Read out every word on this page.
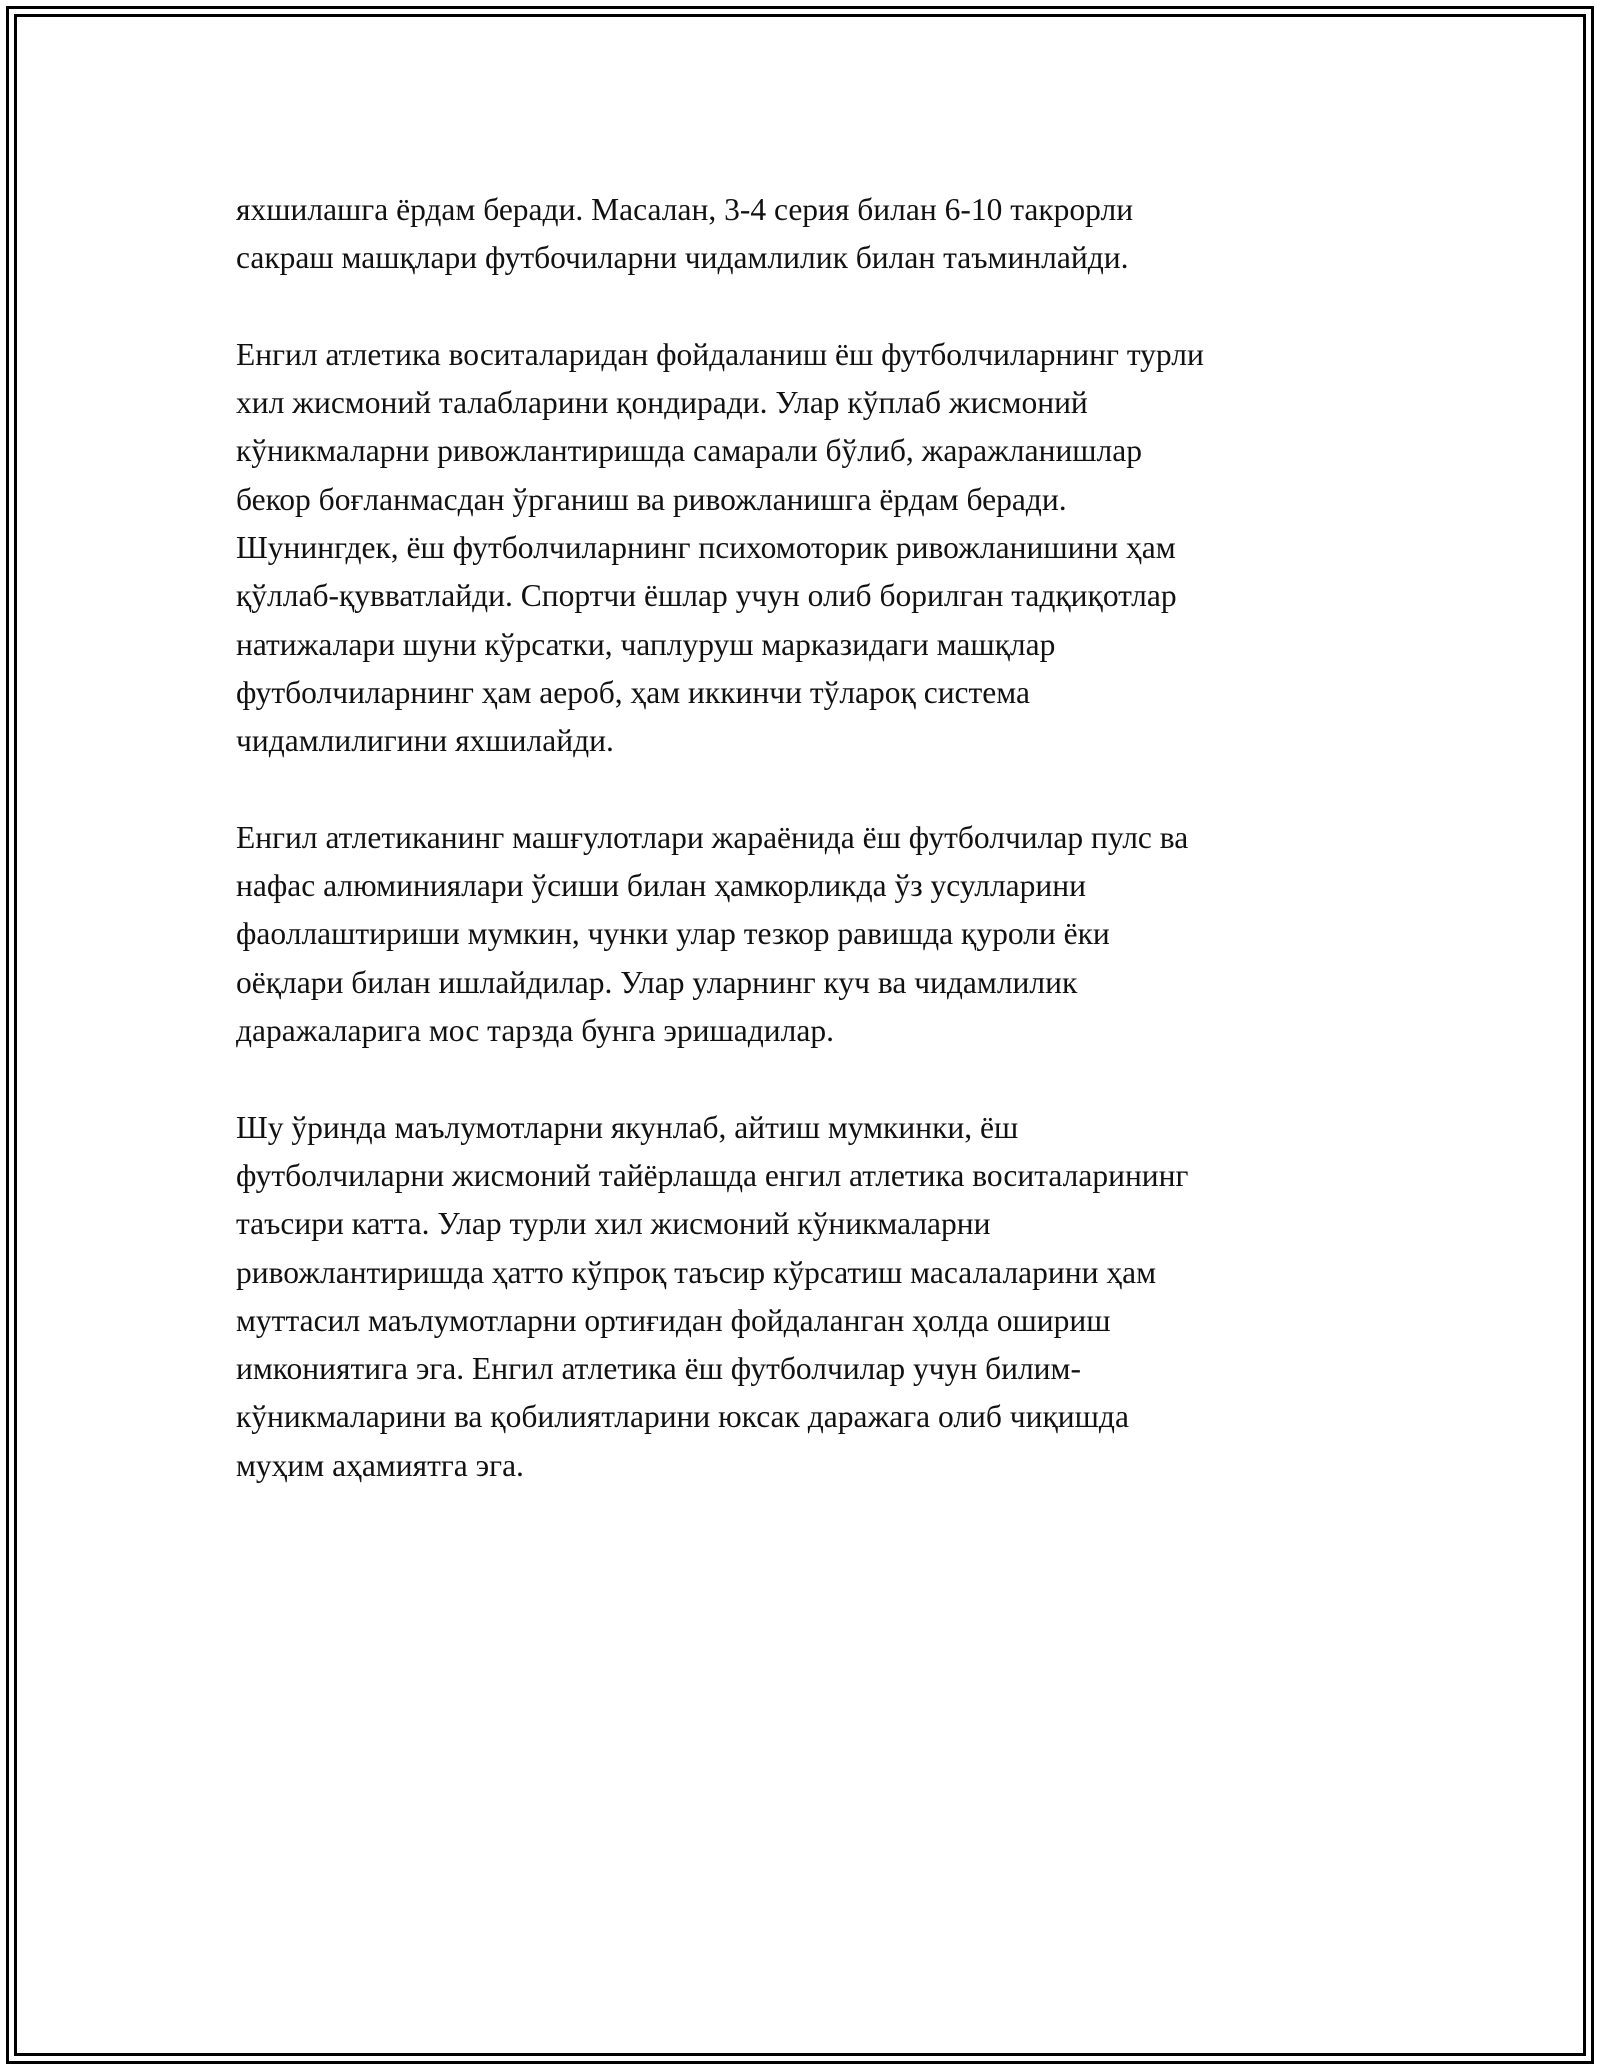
яхшилашга ёрдам беради. Масалан, 3-4 серия билан 6-10 такрорли
сакраш машқлари футбочиларни чидамлилик билан таъминлайди.

Енгил атлетика воситаларидан фойдаланиш ёш футболчиларнинг турли
хил жисмоний талабларини қондиради. Улар кўплаб жисмоний
кўникмаларни ривожлантиришда самарали бўлиб, жаражланишлар
бекор боғланмасдан ўрганиш ва ривожланишга ёрдам беради.
Шунингдек, ёш футболчиларнинг психомоторик ривожланишини ҳам
қўллаб-қувватлайди. Спортчи ёшлар учун олиб борилган тадқиқотлар
натижалари шуни кўрсатки, чаплуруш марказидаги машқлар
футболчиларнинг ҳам аероб, ҳам иккинчи тўлароқ система
чидамлилигини яхшилайди.

Енгил атлетиканинг машғулотлари жараёнида ёш футболчилар пулс ва
нафас алюминиялари ўсиши билан ҳамкорликда ўз усулларини
фаоллаштириши мумкин, чунки улар тезкор равишда қуроли ёки
оёқлари билан ишлайдилар. Улар уларнинг куч ва чидамлилик
даражаларига мос тарзда бунга эришадилар.

Шу ўринда маълумотларни якунлаб, айтиш мумкинки, ёш
футболчиларни жисмоний тайёрлашда енгил атлетика воситаларининг
таъсири катта. Улар турли хил жисмоний кўникмаларни
ривожлантиришда ҳатто кўпроқ таъсир кўрсатиш масалаларини ҳам
муттасил маълумотларни ортиғидан фойдаланган ҳолда ошириш
имкониятига эга. Енгил атлетика ёш футболчилар учун билим-
кўникмаларини ва қобилиятларини юксак даражага олиб чиқишда
муҳим аҳамиятга эга.
